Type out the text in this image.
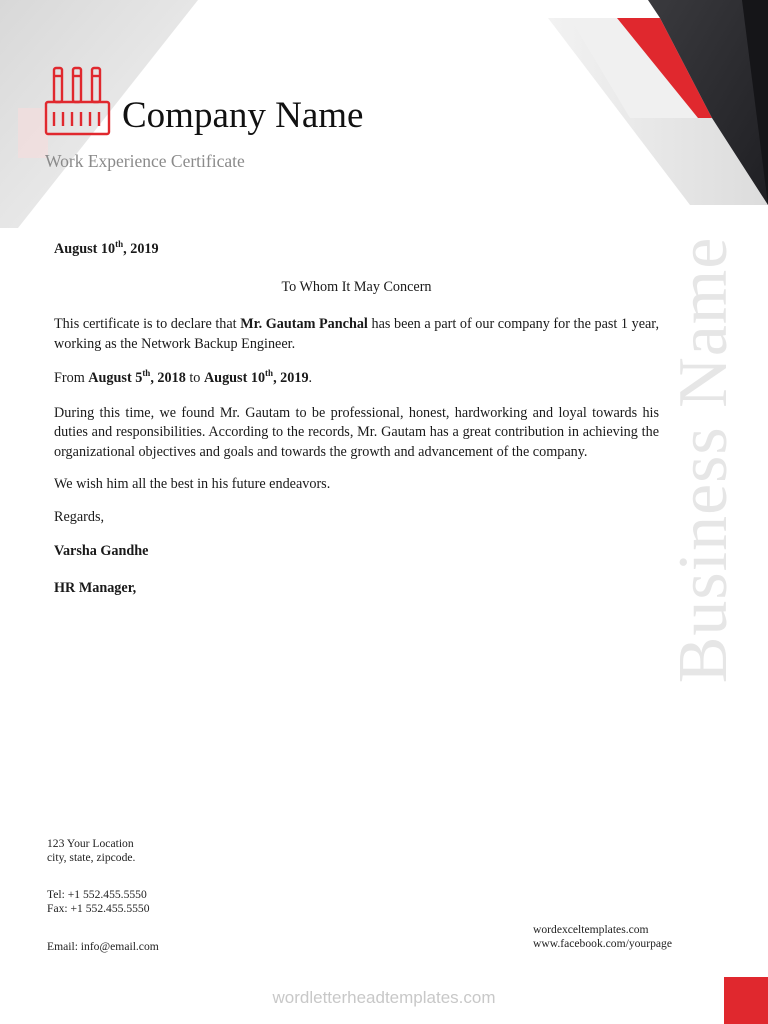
Company Name
Work Experience Certificate
Business Name

August 10th, 2019

To Whom It May Concern

This certificate is to declare that Mr. Gautam Panchal has been a part of our company for the past 1 year, working as the Network Backup Engineer.

From August 5th, 2018 to August 10th, 2019.

During this time, we found Mr. Gautam to be professional, honest, hardworking and loyal towards his duties and responsibilities. According to the records, Mr. Gautam has a great contribution in achieving the organizational objectives and goals and towards the growth and advancement of the company.

We wish him all the best in his future endeavors.

Regards,

Varsha Gandhe

HR Manager,

123 Your Location
city, state, zipcode.
Tel: +1 552.455.5550
Fax: +1 552.455.5550
Email: info@email.com
wordexceltemplates.com
www.facebook.com/yourpage
wordletterheadtemplates.com
